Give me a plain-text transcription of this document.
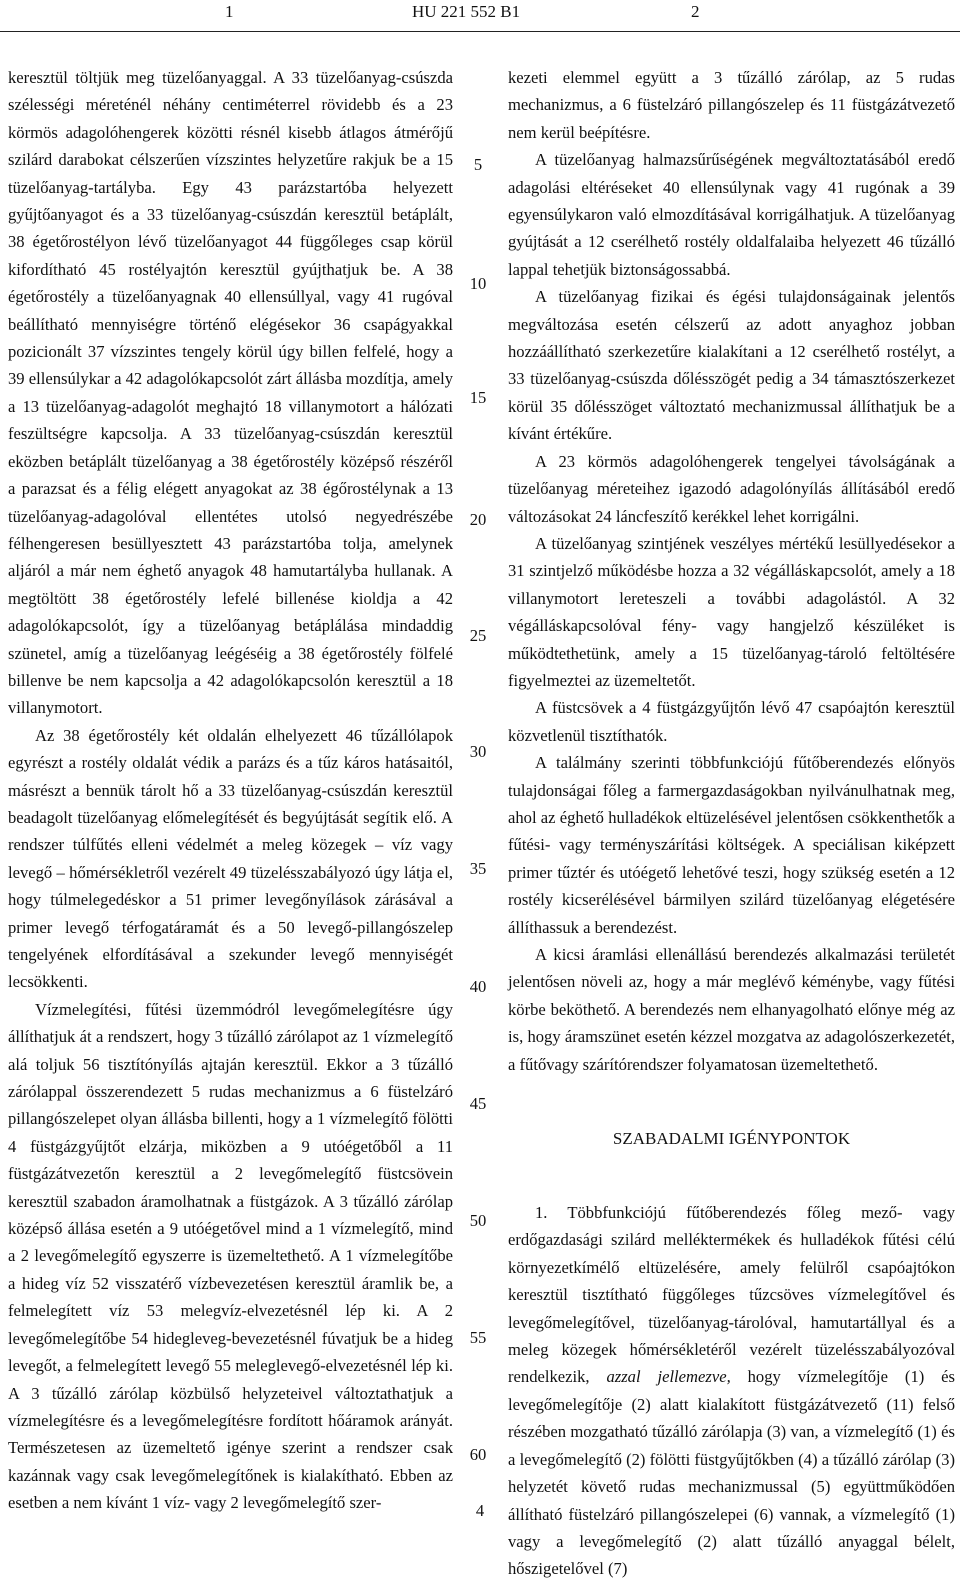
1	HU 221 552 B1	2

keresztül töltjük meg tüzelőanyaggal. A 33 tüzelőanyag-csúszda szélességi méreténél néhány centiméterrel rövidebb és a 23 körmös adagolóhengerek közötti résnél kisebb átlagos átmérőjű szilárd darabokat célszerűen vízszintes helyzetűre rakjuk be a 15 tüzelőanyag-tartályba. Egy 43 parázstartóba helyezett gyűjtőanyagot és a 33 tüzelőanyag-csúszdán keresztül betáplált, 38 égetőrostélyon lévő tüzelőanyagot 44 függőleges csap körül kifordítható 45 rostélyajtón keresztül gyújthatjuk be. A 38 égetőrostély a tüzelőanyagnak 40 ellensúllyal, vagy 41 rugóval beállítható mennyiségre történő elégésekor 36 csapágyakkal pozicionált 37 vízszintes tengely körül úgy billen felfelé, hogy a 39 ellensúlykar a 42 adagolókapcsolót zárt állásba mozdítja, amely a 13 tüzelőanyag-adagolót meghajtó 18 villanymotort a hálózati feszültségre kapcsolja. A 33 tüzelőanyag-csúszdán keresztül eközben betáplált tüzelőanyag a 38 égetőrostély középső részéről a parazsat és a félig elégett anyagokat az 38 égőrostélynak a 13 tüzelőanyag-adagolóval ellentétes utolsó negyedrészébe félhengeresen besüllyesztett 43 parázstartóba tolja, amelynek aljáról a már nem éghető anyagok 48 hamutartályba hullanak. A megtöltött 38 égetőrostély lefelé billenése kioldja a 42 adagolókapcsolót, így a tüzelőanyag betáplálása mindaddig szünetel, amíg a tüzelőanyag leégéséig a 38 égetőrostély fölfelé billenve be nem kapcsolja a 42 adagolókapcsolón keresztül a 18 villanymotort.

Az 38 égetőrostély két oldalán elhelyezett 46 tűzállólapok egyrészt a rostély oldalát védik a parázs és a tűz káros hatásaitól, másrészt a bennük tárolt hő a 33 tüzelőanyag-csúszdán keresztül beadagolt tüzelőanyag előmelegítését és begyújtását segítik elő. A rendszer túlfűtés elleni védelmét a meleg közegek – víz vagy levegő – hőmérsékletről vezérelt 49 tüzelésszabályozó úgy látja el, hogy túlmelegedéskor a 51 primer levegőnyílások zárásával a primer levegő térfogatáramát és a 50 levegő-pillangószelep tengelyének elfordításával a szekunder levegő mennyiségét lecsökkenti.

Vízmelegítési, fűtési üzemmódról levegőmelegítésre úgy állíthatjuk át a rendszert, hogy 3 tűzálló zárólapot az 1 vízmelegítő alá toljuk 56 tisztítónyílás ajtaján keresztül. Ekkor a 3 tűzálló zárólappal összerendezett 5 rudas mechanizmus a 6 füstelzáró pillangószelepet olyan állásba billenti, hogy a 1 vízmelegítő fölötti 4 füstgázgyűjtőt elzárja, miközben a 9 utóégetőből a 11 füstgázátvezetőn keresztül a 2 levegőmelegítő füstcsövein keresztül szabadon áramolhatnak a füstgázok. A 3 tűzálló zárólap középső állása esetén a 9 utóégetővel mind a 1 vízmelegítő, mind a 2 levegőmelegítő egyszerre is üzemeltethető. A 1 vízmelegítőbe a hideg víz 52 visszatérő vízbevezetésen keresztül áramlik be, a felmelegített víz 53 melegvíz-elvezetésnél lép ki. A 2 levegőmelegítőbe 54 hidegleveg-bevezetésnél fúvatjuk be a hideg levegőt, a felmelegített levegő 55 meleglevegő-elvezetésnél lép ki. A 3 tűzálló zárólap közbülső helyzeteivel változtathatjuk a vízmelegítésre és a levegőmelegítésre fordított hőáramok arányát. Természetesen az üzemeltető igénye szerint a rendszer csak kazánnak vagy csak levegőmelegítőnek is kialakítható. Ebben az esetben a nem kívánt 1 víz- vagy 2 levegőmelegítő szer-

5
10
15
20
25
30
35
40
45
50
55
60

kezeti elemmel együtt a 3 tűzálló zárólap, az 5 rudas mechanizmus, a 6 füstelzáró pillangószelep és 11 füstgázátvezető nem kerül beépítésre.

A tüzelőanyag halmazsűrűségének megváltoztatásából eredő adagolási eltéréseket 40 ellensúlynak vagy 41 rugónak a 39 egyensúlykaron való elmozdításával korrigálhatjuk. A tüzelőanyag gyújtását a 12 cserélhető rostély oldalfalaiba helyezett 46 tűzálló lappal tehetjük biztonságossabbá.

A tüzelőanyag fizikai és égési tulajdonságainak jelentős megváltozása esetén célszerű az adott anyaghoz jobban hozzáállítható szerkezetűre kialakítani a 12 cserélhető rostélyt, a 33 tüzelőanyag-csúszda dőlésszögét pedig a 34 támasztószerkezet körül 35 dőlésszöget változtató mechanizmussal állíthatjuk be a kívánt értékűre.

A 23 körmös adagolóhengerek tengelyei távolságának a tüzelőanyag méreteihez igazodó adagolónyílás állításából eredő változásokat 24 láncfeszítő kerékkel lehet korrigálni.

A tüzelőanyag szintjének veszélyes mértékű lesüllyedésekor a 31 szintjelző működésbe hozza a 32 végálláskapcsolót, amely a 18 villanymotort lereteszeli a további adagolástól. A 32 végálláskapcsolóval fény- vagy hangjelző készüléket is működtethetünk, amely a 15 tüzelőanyag-tároló feltöltésére figyelmeztei az üzemeltetőt.

A füstcsövek a 4 füstgázgyűjtőn lévő 47 csapóajtón keresztül közvetlenül tisztíthatók.

A találmány szerinti többfunkciójú fűtőberendezés előnyös tulajdonságai főleg a farmergazdaságokban nyilvánulhatnak meg, ahol az éghető hulladékok eltüzelésével jelentősen csökkenthetők a fűtési- vagy terményszárítási költségek. A speciálisan kiképzett primer tűztér és utóégető lehetővé teszi, hogy szükség esetén a 12 rostély kicserélésével bármilyen szilárd tüzelőanyag elégetésére állíthassuk a berendezést.

A kicsi áramlási ellenállású berendezés alkalmazási területét jelentősen növeli az, hogy a már meglévő kéménybe, vagy fűtési körbe beköthető. A berendezés nem elhanyagolható előnye még az is, hogy áramszünet esetén kézzel mozgatva az adagolószerkezetét, a fűtővagy szárítórendszer folyamatosan üzemeltethető.

SZABADALMI IGÉNYPONTOK

1. Többfunkciójú fűtőberendezés főleg mező- vagy erdőgazdasági szilárd melléktermékek és hulladékok fűtési célú környezetkímélő eltüzelésére, amely felülről csapóajtókon keresztül tisztítható függőleges tűzcsöves vízmelegítővel és levegőmelegítővel, tüzelőanyag-tárolóval, hamutartállyal és a meleg közegek hőmérsékletéről vezérelt tüzelésszabályozóval rendelkezik, azzal jellemezve, hogy vízmelegítője (1) és levegőmelegítője (2) alatt kialakított füstgázátvezető (11) felső részében mozgatható tűzálló zárólapja (3) van, a vízmelegítő (1) és a levegőmelegítő (2) fölötti füstgyűjtőkben (4) a tűzálló zárólap (3) helyzetét követő rudas mechanizmussal (5) együttműködően állítható füstelzáró pillangószelepei (6) vannak, a vízmelegítő (1) vagy a levegőmelegítő (2) alatt tűzálló anyaggal bélelt, hőszigetelővel (7)

4
